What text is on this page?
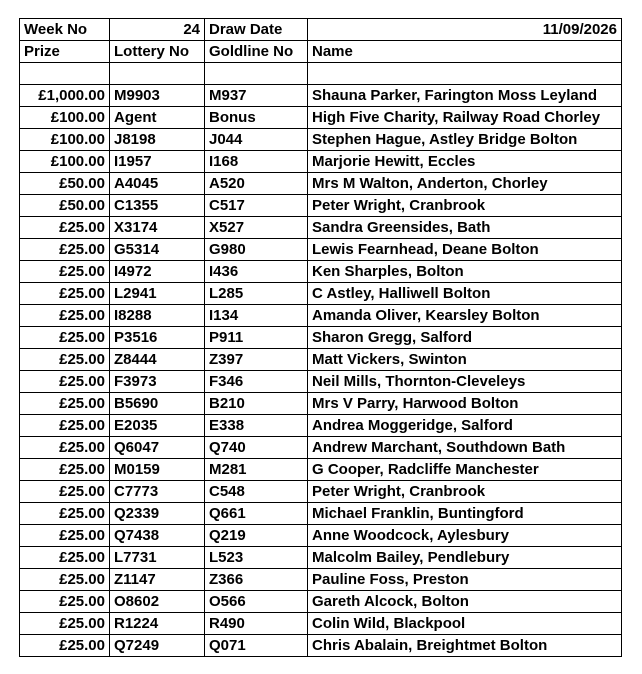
Week No	24	Draw Date	11/09/2026
Prize	Lottery No	Goldline No	Name

£1,000.00	M9903	M937	Shauna Parker, Farington Moss Leyland
£100.00	Agent	Bonus	High Five Charity, Railway Road Chorley
£100.00	J8198	J044	Stephen Hague, Astley Bridge Bolton
£100.00	I1957	I168	Marjorie Hewitt, Eccles
£50.00	A4045	A520	Mrs M Walton, Anderton, Chorley
£50.00	C1355	C517	Peter Wright, Cranbrook
£25.00	X3174	X527	Sandra Greensides, Bath
£25.00	G5314	G980	Lewis Fearnhead, Deane Bolton
£25.00	I4972	I436	Ken Sharples, Bolton
£25.00	L2941	L285	C Astley, Halliwell Bolton
£25.00	I8288	I134	Amanda Oliver, Kearsley Bolton
£25.00	P3516	P911	Sharon Gregg, Salford
£25.00	Z8444	Z397	Matt Vickers, Swinton
£25.00	F3973	F346	Neil Mills, Thornton-Cleveleys
£25.00	B5690	B210	Mrs V Parry, Harwood Bolton
£25.00	E2035	E338	Andrea Moggeridge, Salford
£25.00	Q6047	Q740	Andrew Marchant, Southdown Bath
£25.00	M0159	M281	G Cooper, Radcliffe Manchester
£25.00	C7773	C548	Peter Wright, Cranbrook
£25.00	Q2339	Q661	Michael Franklin, Buntingford
£25.00	Q7438	Q219	Anne Woodcock, Aylesbury
£25.00	L7731	L523	Malcolm Bailey, Pendlebury
£25.00	Z1147	Z366	Pauline Foss, Preston
£25.00	O8602	O566	Gareth Alcock, Bolton
£25.00	R1224	R490	Colin Wild, Blackpool
£25.00	Q7249	Q071	Chris Abalain, Breightmet Bolton
